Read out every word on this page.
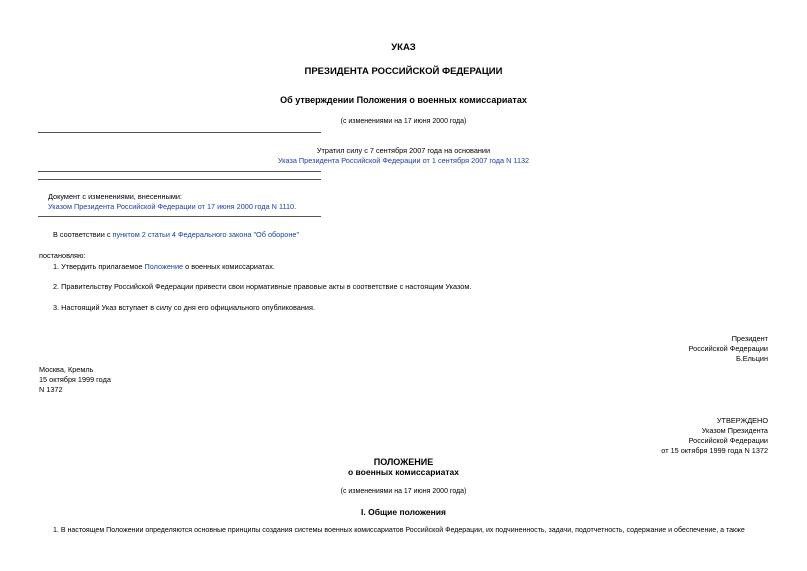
УКАЗ
ПРЕЗИДЕНТА РОССИЙСКОЙ ФЕДЕРАЦИИ
Об утверждении Положения о военных комиссариатах
(с изменениями на 17 июня 2000 года)
Утратил силу с 7 сентября 2007 года на основании
Указа Президента Российской Федерации от 1 сентября 2007 года N 1132
Документ с изменениями, внесенными:
Указом Президента Российской Федерации от 17 июня 2000 года N 1110.
В соответствии с пунктом 2 статьи 4 Федерального закона "Об обороне"
постановляю:
1. Утвердить прилагаемое Положение о военных комиссариатах.
2. Правительству Российской Федерации привести свои нормативные правовые акты в соответствие с настоящим Указом.
3. Настоящий Указ вступает в силу со дня его официального опубликования.
Президент
Российской Федерации
Б.Ельцин
Москва, Кремль
15 октября 1999 года
N 1372
УТВЕРЖДЕНО
Указом Президента
Российской Федерации
от 15 октября 1999 года N 1372
ПОЛОЖЕНИЕ
о военных комиссариатах
(с изменениями на 17 июня 2000 года)
I. Общие положения
1. В настоящем Положении определяются основные принципы создания системы военных комиссариатов Российской Федерации, их подчиненность, задачи, подотчетность, содержание и обеспечение, а также
